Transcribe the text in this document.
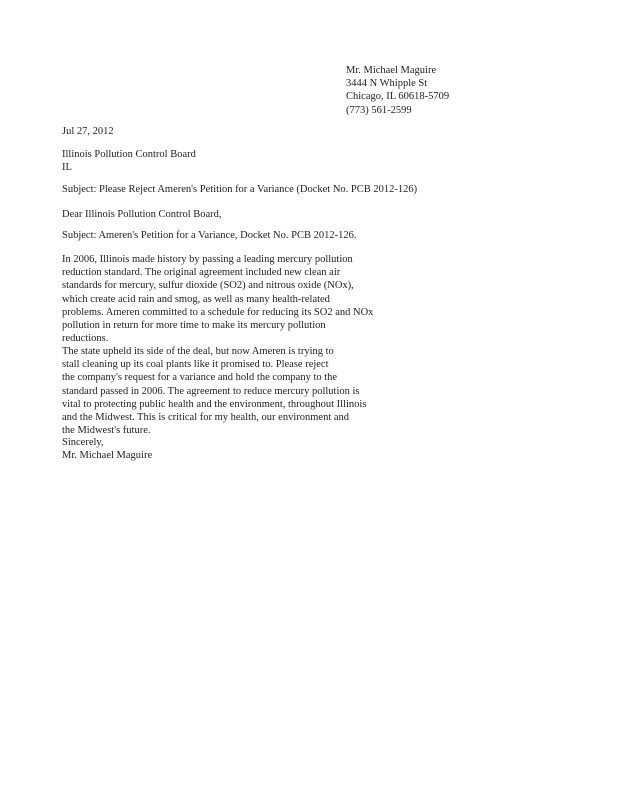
Mr. Michael Maguire
3444 N Whipple St
Chicago, IL 60618-5709
(773) 561-2599
Jul 27, 2012
Illinois Pollution Control Board
IL
Subject: Please Reject Ameren's Petition for a Variance (Docket No. PCB 2012-126)
Dear Illinois Pollution Control Board,
Subject: Ameren's Petition for a Variance, Docket No. PCB 2012-126.
In 2006, Illinois made history by passing a leading mercury pollution
reduction standard. The original agreement included new clean air
standards for mercury, sulfur dioxide (SO2) and nitrous oxide (NOx),
which create acid rain and smog, as well as many health-related
problems. Ameren committed to a schedule for reducing its SO2 and NOx
pollution in return for more time to make its mercury pollution
reductions.
The state upheld its side of the deal, but now Ameren is trying to
stall cleaning up its coal plants like it promised to. Please reject
the company's request for a variance and hold the company to the
standard passed in 2006. The agreement to reduce mercury pollution is
vital to protecting public health and the environment, throughout Illinois
and the Midwest. This is critical for my health, our environment and
the Midwest's future.
Sincerely,
Mr. Michael Maguire
